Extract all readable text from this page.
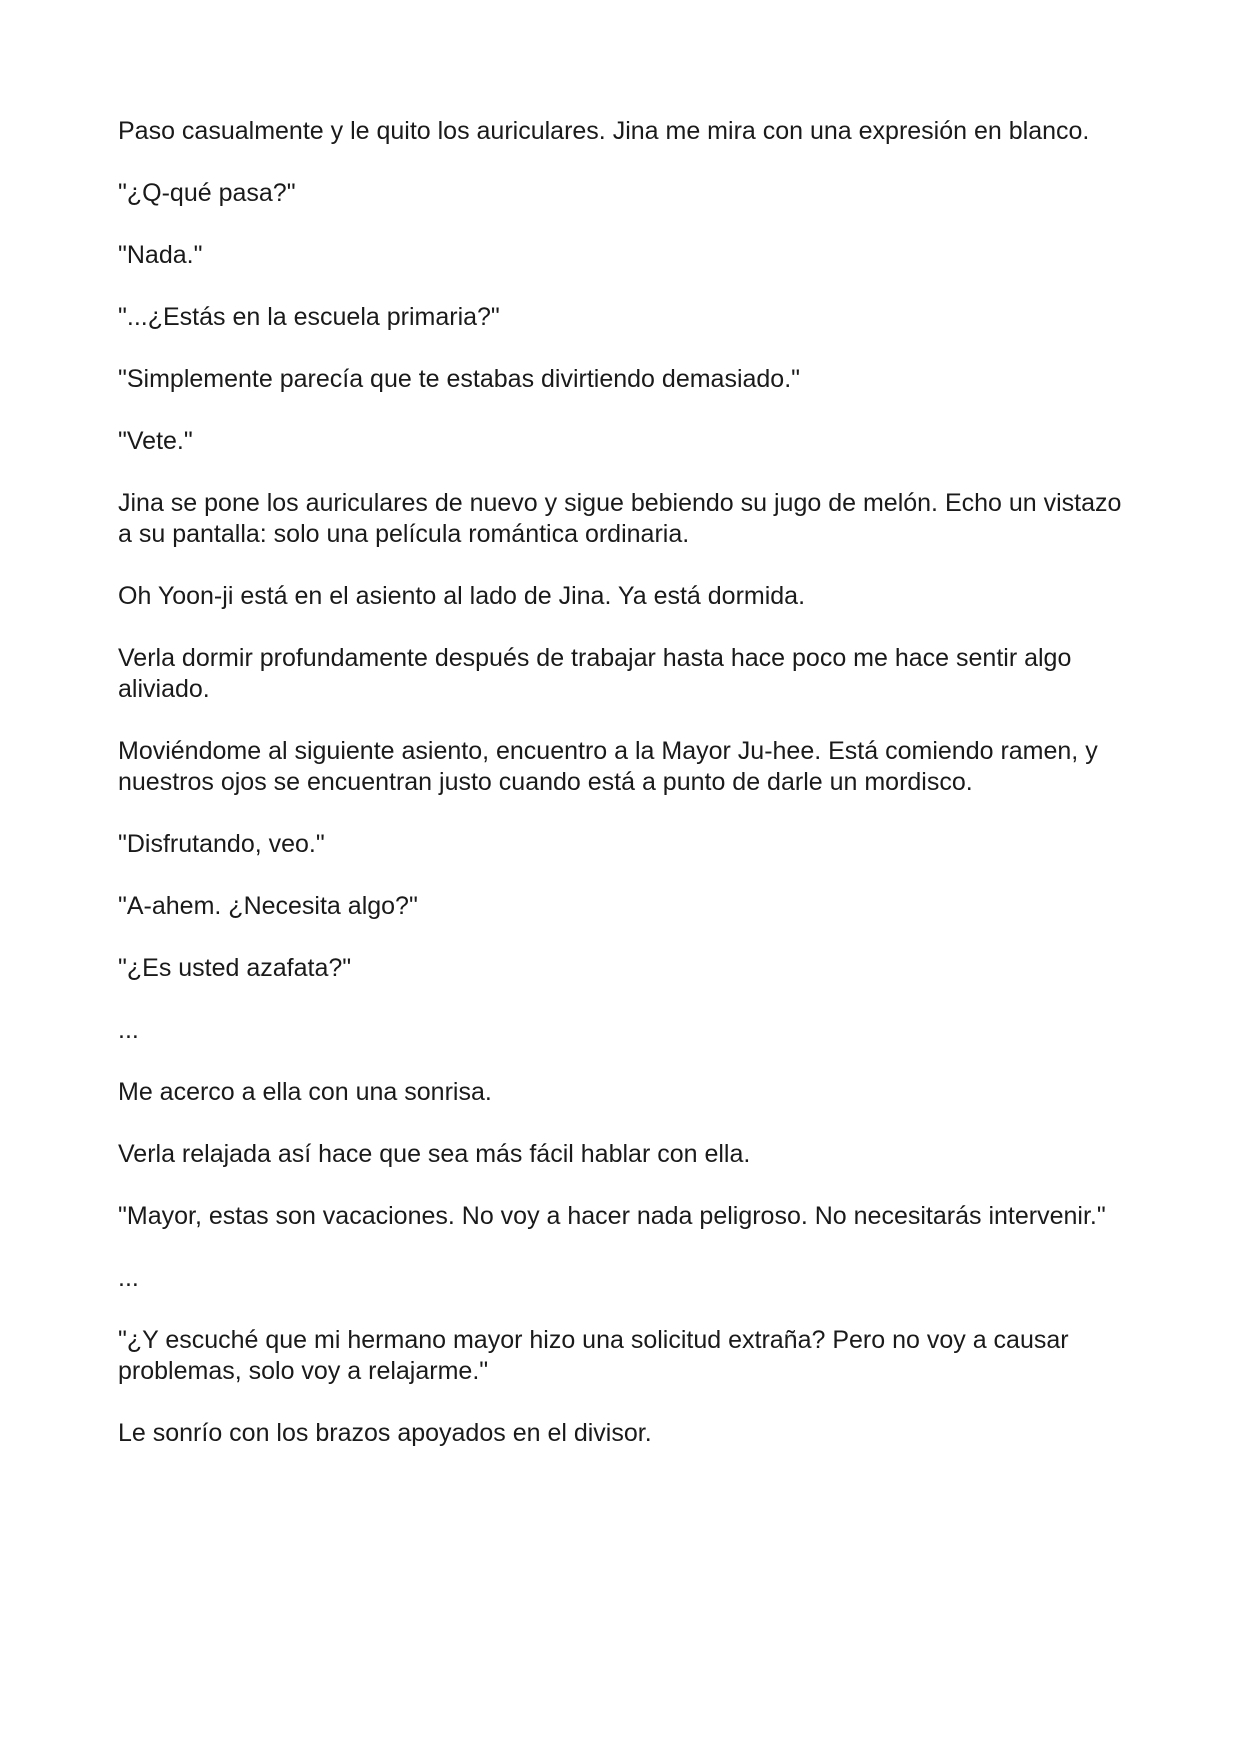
Paso casualmente y le quito los auriculares. Jina me mira con una expresión en blanco.

"¿Q-qué pasa?"

"Nada."

"...¿Estás en la escuela primaria?"

"Simplemente parecía que te estabas divirtiendo demasiado."

"Vete."

Jina se pone los auriculares de nuevo y sigue bebiendo su jugo de melón. Echo un vistazo a su pantalla: solo una película romántica ordinaria.

Oh Yoon-ji está en el asiento al lado de Jina. Ya está dormida.

Verla dormir profundamente después de trabajar hasta hace poco me hace sentir algo aliviado.

Moviéndome al siguiente asiento, encuentro a la Mayor Ju-hee. Está comiendo ramen, y nuestros ojos se encuentran justo cuando está a punto de darle un mordisco.

"Disfrutando, veo."

"A-ahem. ¿Necesita algo?"

"¿Es usted azafata?"

...

Me acerco a ella con una sonrisa.

Verla relajada así hace que sea más fácil hablar con ella.

"Mayor, estas son vacaciones. No voy a hacer nada peligroso. No necesitarás intervenir."

...

"¿Y escuché que mi hermano mayor hizo una solicitud extraña? Pero no voy a causar problemas, solo voy a relajarme."

Le sonrío con los brazos apoyados en el divisor.
